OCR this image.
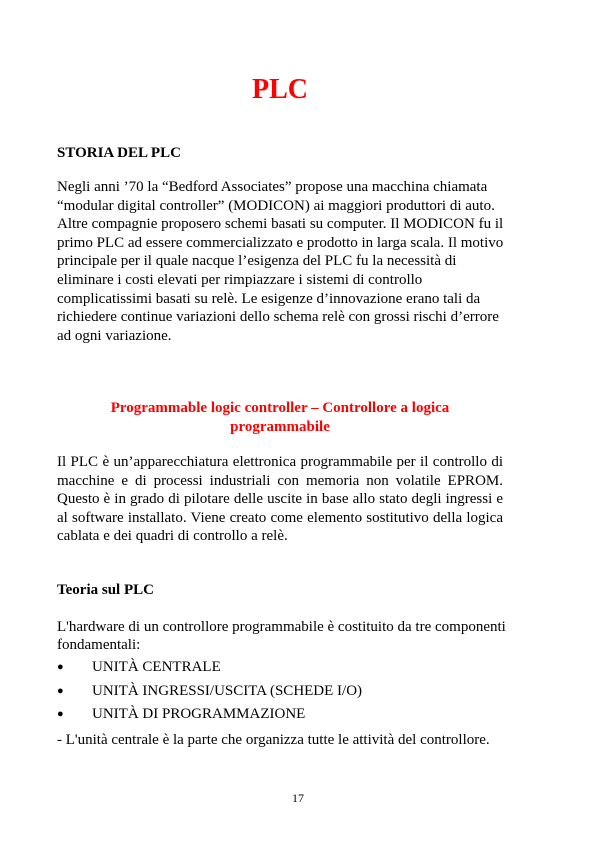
PLC
STORIA DEL PLC

Negli anni ’70 la “Bedford Associates” propose una macchina chiamata

“modular digital controller” (MODICON) ai maggiori produttori di auto.

Altre compagnie proposero schemi basati su computer. Il MODICON fu il

primo PLC ad essere commercializzato e prodotto in larga scala. Il motivo

principale per il quale nacque l’esigenza del PLC fu la necessità di

eliminare i costi elevati per rimpiazzare i sistemi di controllo

complicatissimi basati su relè. Le esigenze d’innovazione erano tali da

richiedere continue variazioni dello schema relè con grossi rischi d’errore

ad ogni variazione.

Programmable logic controller – Controllore a logica
programmabile
Il PLC è un’apparecchiatura elettronica programmabile per il controllo di macchine e di processi industriali con memoria non volatile EPROM. Questo è in grado di pilotare delle uscite in base allo stato degli ingressi e al software installato. Viene creato come elemento sostitutivo della logica cablata e dei quadri di controllo a relè.
Teoria sul PLC
L'hardware di un controllore programmabile è costituito da tre componenti
fondamentali:
● UNITÀ CENTRALE
● UNITÀ INGRESSI/USCITA (SCHEDE I/O)
● UNITÀ DI PROGRAMMAZIONE
- L'unità centrale è la parte che organizza tutte le attività del controllore.
17
